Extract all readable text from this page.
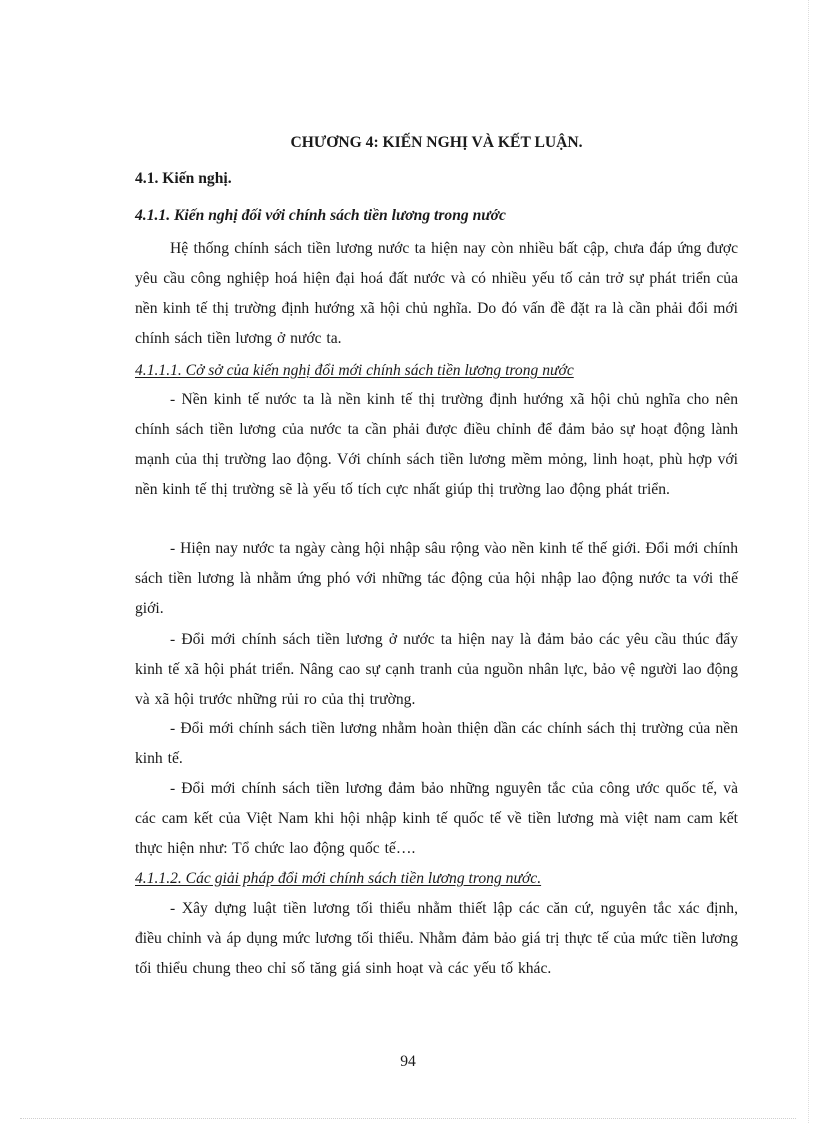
CHƯƠNG 4: KIẾN NGHỊ VÀ KẾT LUẬN.
4.1. Kiến nghị.
4.1.1. Kiến nghị đối với chính sách tiền lương trong nước
Hệ thống chính sách tiền lương nước ta hiện nay còn nhiều bất cập, chưa đáp ứng được yêu cầu công nghiệp hoá hiện đại hoá đất nước và có nhiều yếu tố cản trở sự phát triển của nền kinh tế thị trường định hướng xã hội chủ nghĩa. Do đó vấn đề đặt ra là cần phải đổi mới chính sách tiền lương ở nước ta.
4.1.1.1. Cở sở của kiến nghị đổi mới chính sách tiền lương trong nước
- Nền kinh tế nước ta là nền kinh tế thị trường định hướng xã hội chủ nghĩa cho nên chính sách tiền lương của nước ta cần phải được điều chỉnh để đảm bảo sự hoạt động lành mạnh của thị trường lao động. Với chính sách tiền lương mềm mỏng, linh hoạt, phù hợp với nền kinh tế thị trường sẽ là yếu tố tích cực nhất giúp thị trường lao động phát triển.
- Hiện nay nước ta ngày càng hội nhập sâu rộng vào nền kinh tế thế giới. Đổi mới chính sách tiền lương là nhằm ứng phó với những tác động của hội nhập lao động nước ta với thế giới.
- Đổi mới chính sách tiền lương ở nước ta hiện nay là đảm bảo các yêu cầu thúc đẩy kinh tế xã hội phát triển. Nâng cao sự cạnh tranh của nguồn nhân lực, bảo vệ người lao động và xã hội trước những rủi ro của thị trường.
- Đổi mới chính sách tiền lương nhằm hoàn thiện dần các chính sách thị trường của nền kinh tế.
- Đổi mới chính sách tiền lương đảm bảo những nguyên tắc của công ước quốc tế, và các cam kết của Việt Nam khi hội nhập kinh tế quốc tế về tiền lương mà việt nam cam kết thực hiện như: Tổ chức lao động quốc tế….
4.1.1.2. Các giải pháp đổi mới chính sách tiền lương trong nước.
- Xây dựng luật tiền lương tối thiểu nhằm thiết lập các căn cứ, nguyên tắc xác định, điều chỉnh và áp dụng mức lương tối thiểu. Nhằm đảm bảo giá trị thực tế của mức tiền lương tối thiểu chung theo chỉ số tăng giá sinh hoạt và các yếu tố khác.
94
